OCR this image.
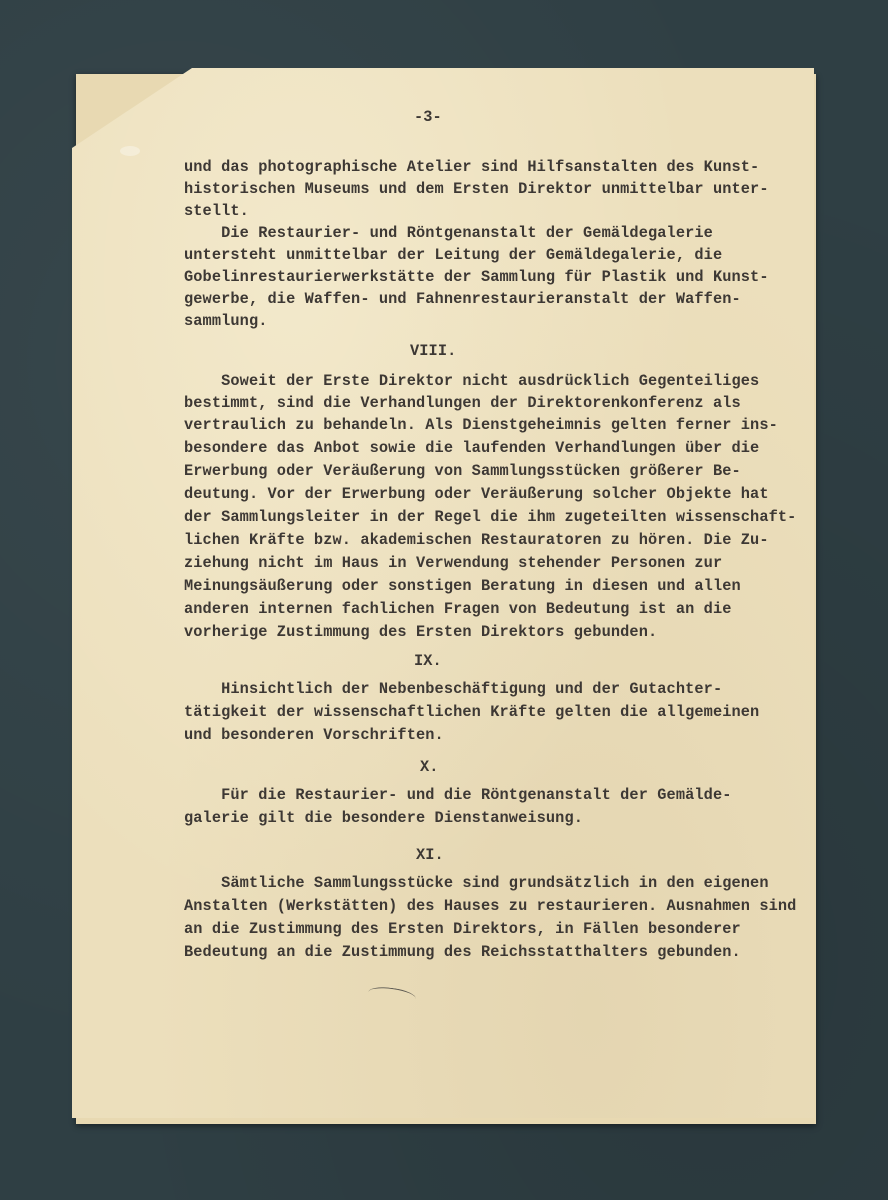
-3-
und das photographische Atelier sind Hilfsanstalten des Kunst-
historischen Museums und dem Ersten Direktor unmittelbar unter-
stellt.
Die Restaurier- und Röntgenanstalt der Gemäldegalerie
untersteht unmittelbar der Leitung der Gemäldegalerie, die
Gobelinrestaurierwerkstätte der Sammlung für Plastik und Kunst-
gewerbe, die Waffen- und Fahnenrestaurieranstalt der Waffen-
sammlung.
VIII.
Soweit der Erste Direktor nicht ausdrücklich Gegenteiliges
bestimmt, sind die Verhandlungen der Direktorenkonferenz als
vertraulich zu behandeln. Als Dienstgeheimnis gelten ferner ins-
besondere das Anbot sowie die laufenden Verhandlungen über die
Erwerbung oder Veräußerung von Sammlungsstücken größerer Be-
deutung. Vor der Erwerbung oder Veräußerung solcher Objekte hat
der Sammlungsleiter in der Regel die ihm zugeteilten wissenschaft-
lichen Kräfte bzw. akademischen Restauratoren zu hören. Die Zu-
ziehung nicht im Haus in Verwendung stehender Personen zur
Meinungsäußerung oder sonstigen Beratung in diesen und allen
anderen internen fachlichen Fragen von Bedeutung ist an die
vorherige Zustimmung des Ersten Direktors gebunden.
IX.
Hinsichtlich der Nebenbeschäftigung und der Gutachter-
tätigkeit der wissenschaftlichen Kräfte gelten die allgemeinen
und besonderen Vorschriften.
X.
Für die Restaurier- und die Röntgenanstalt der Gemälde-
galerie gilt die besondere Dienstanweisung.
XI.
Sämtliche Sammlungsstücke sind grundsätzlich in den eigenen
Anstalten (Werkstätten) des Hauses zu restaurieren. Ausnahmen sind
an die Zustimmung des Ersten Direktors, in Fällen besonderer
Bedeutung an die Zustimmung des Reichsstatthalters gebunden.
